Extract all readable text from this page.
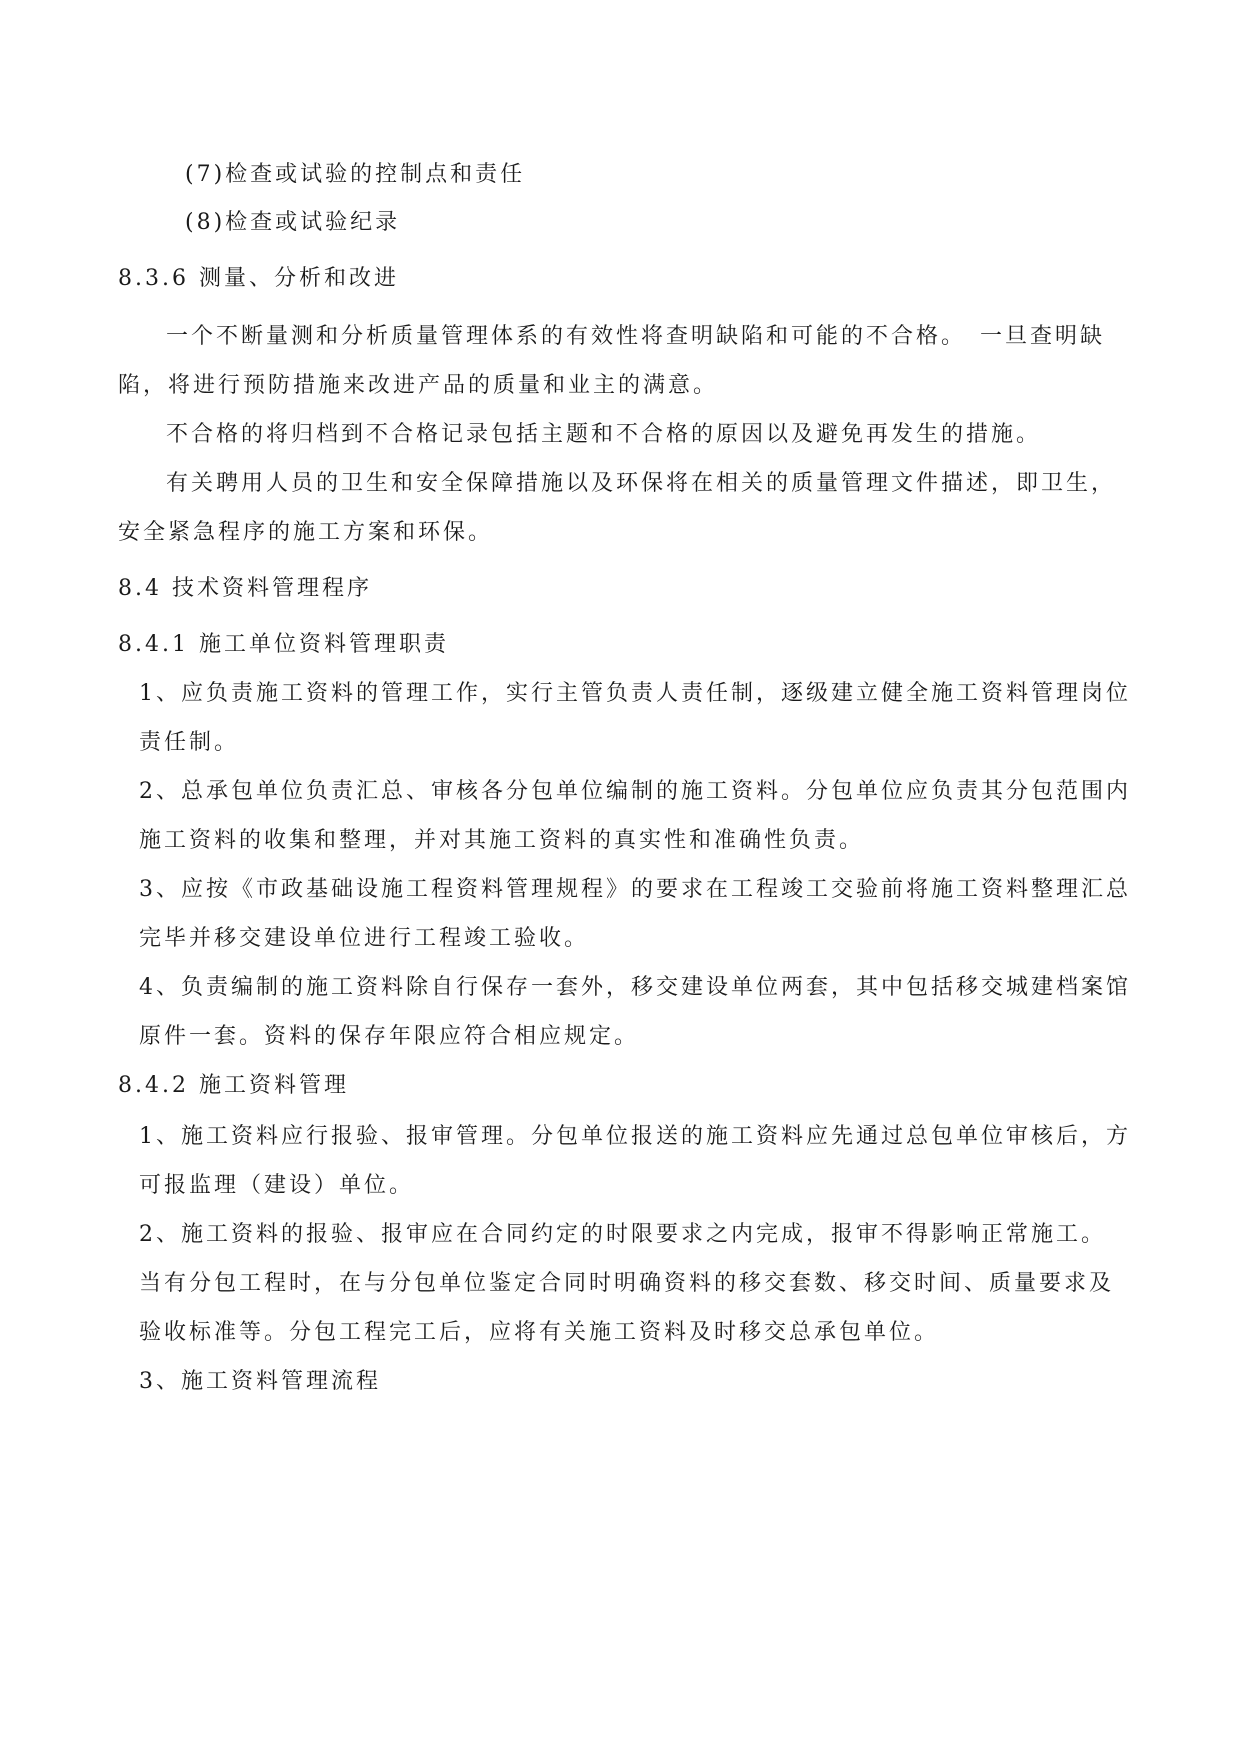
(7)检查或试验的控制点和责任
(8)检查或试验纪录
8.3.6 测量、分析和改进
一个不断量测和分析质量管理体系的有效性将查明缺陷和可能的不合格。　一旦查明缺
陷，将进行预防措施来改进产品的质量和业主的满意。
不合格的将归档到不合格记录包括主题和不合格的原因以及避免再发生的措施。
有关聘用人员的卫生和安全保障措施以及环保将在相关的质量管理文件描述，即卫生，
安全紧急程序的施工方案和环保。
8.4 技术资料管理程序
8.4.1 施工单位资料管理职责
1、应负责施工资料的管理工作，实行主管负责人责任制，逐级建立健全施工资料管理岗位
责任制。
2、总承包单位负责汇总、审核各分包单位编制的施工资料。分包单位应负责其分包范围内
施工资料的收集和整理，并对其施工资料的真实性和准确性负责。
3、应按《市政基础设施工程资料管理规程》的要求在工程竣工交验前将施工资料整理汇总
完毕并移交建设单位进行工程竣工验收。
4、负责编制的施工资料除自行保存一套外，移交建设单位两套，其中包括移交城建档案馆
原件一套。资料的保存年限应符合相应规定。
8.4.2 施工资料管理
1、施工资料应行报验、报审管理。分包单位报送的施工资料应先通过总包单位审核后，方
可报监理（建设）单位。
2、施工资料的报验、报审应在合同约定的时限要求之内完成，报审不得影响正常施工。
当有分包工程时，在与分包单位鉴定合同时明确资料的移交套数、移交时间、质量要求及
验收标准等。分包工程完工后，应将有关施工资料及时移交总承包单位。
3、施工资料管理流程
